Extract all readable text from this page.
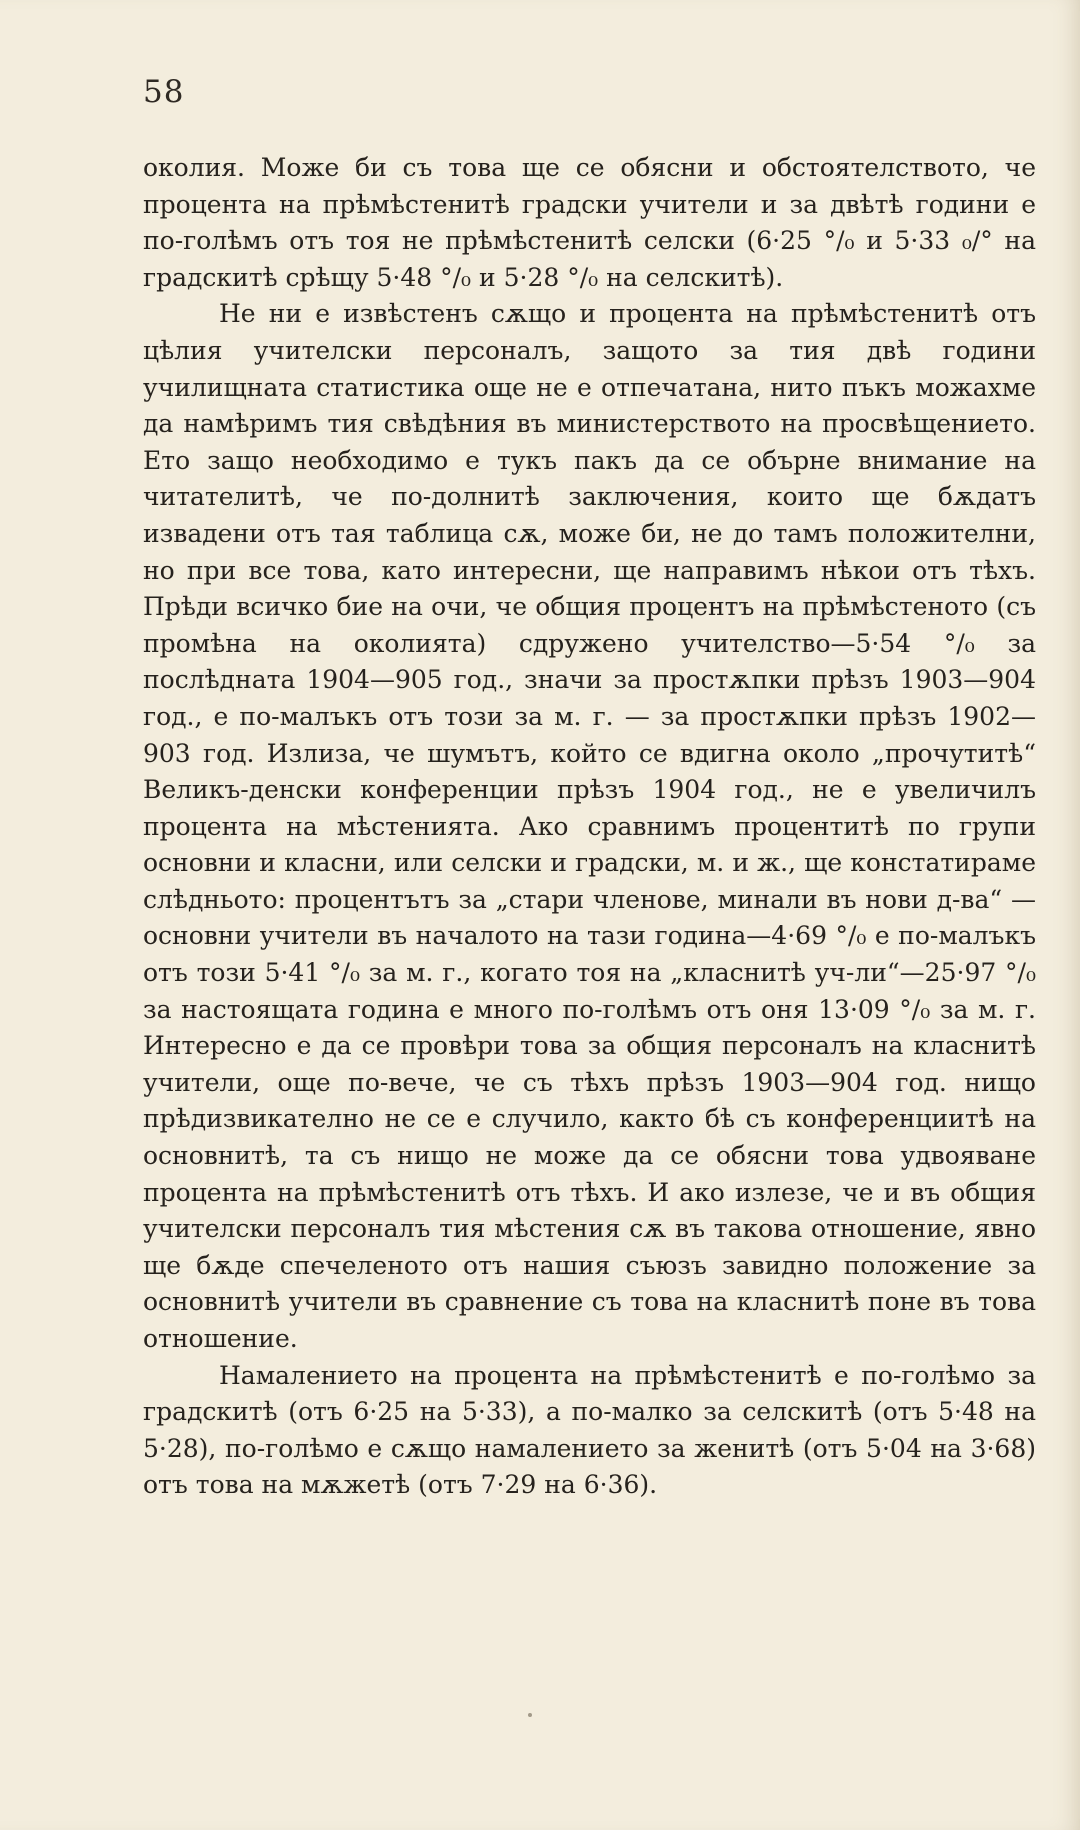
58

околия. Може би съ това ще се обясни и обстоятелството, че процента на прѣмѣстенитѣ градски учители и за двѣтѣ години е по-голѣмъ отъ тоя не прѣмѣстенитѣ селски (6·25 °/₀ и 5·33 ₀/° на градскитѣ срѣщу 5·48 °/₀ и 5·28 °/₀ на селскитѣ).

Не ни е извѣстенъ сѫщо и процента на прѣмѣстенитѣ отъ цѣлия учителски персоналъ, защото за тия двѣ години училищната статистика още не е отпечатана, нито пъкъ можахме да намѣримъ тия свѣдѣния въ министерството на просвѣщението. Ето защо необходимо е тукъ пакъ да се обърне внимание на читателитѣ, че по-долнитѣ заключения, които ще бѫдатъ извадени отъ тая таблица сѫ, може би, не до тамъ положителни, но при все това, като интересни, ще направимъ нѣкои отъ тѣхъ. Прѣди всичко бие на очи, че общия процентъ на прѣмѣстеното (съ промѣна на околията) сдружено учителство—5·54 °/₀ за послѣдната 1904—905 год., значи за простѫпки прѣзъ 1903—904 год., е по-малъкъ отъ този за м. г. — за простѫпки прѣзъ 1902—903 год. Излиза, че шумътъ, който се вдигна около „прочутитѣ“ Великъ-денски конференции прѣзъ 1904 год., не е увеличилъ процента на мѣстенията. Ако сравнимъ процентитѣ по групи основни и класни, или селски и градски, м. и ж., ще констатираме слѣдньото: процентътъ за „стари членове, минали въ нови д-ва“ — основни учители въ началото на тази година—4·69 °/₀ е по-малъкъ отъ този 5·41 °/₀ за м. г., когато тоя на „класнитѣ уч-ли“—25·97 °/₀ за настоящата година е много по-голѣмъ отъ оня 13·09 °/₀ за м. г. Интересно е да се провѣри това за общия персоналъ на класнитѣ учители, още по-вече, че съ тѣхъ прѣзъ 1903—904 год. нищо прѣдизвикателно не се е случило, както бѣ съ конференциитѣ на основнитѣ, та съ нищо не може да се обясни това удвояване процента на прѣмѣстенитѣ отъ тѣхъ. И ако излезе, че и въ общия учителски персоналъ тия мѣстения сѫ въ такова отношение, явно ще бѫде спечеленото отъ нашия съюзъ завидно положение за основнитѣ учители въ сравнение съ това на класнитѣ поне въ това отношение.

Намалението на процента на прѣмѣстенитѣ е по-голѣмо за градскитѣ (отъ 6·25 на 5·33), а по-малко за селскитѣ (отъ 5·48 на 5·28), по-голѣмо е сѫщо намалението за женитѣ (отъ 5·04 на 3·68) отъ това на мѫжетѣ (отъ 7·29 на 6·36).
